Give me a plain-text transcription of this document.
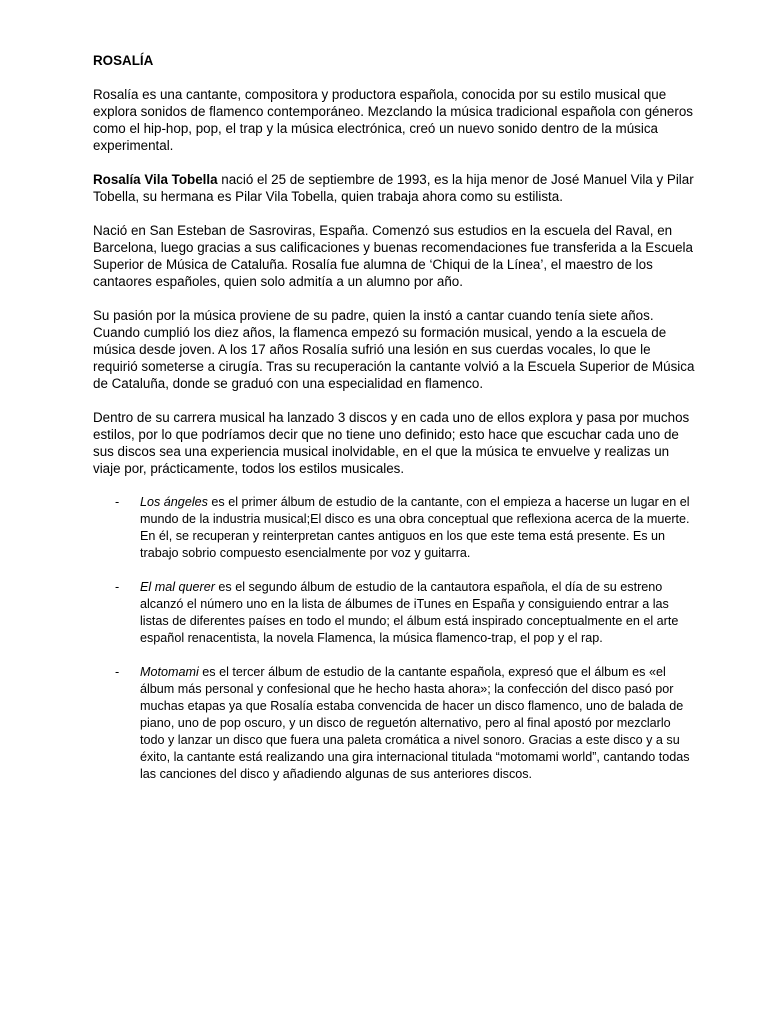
ROSALÍA

Rosalía es una cantante, compositora y productora española, conocida por su estilo musical que explora sonidos de flamenco contemporáneo. Mezclando la música tradicional española con géneros como el hip-hop, pop, el trap y la música electrónica, creó un nuevo sonido dentro de la música experimental.

Rosalía Vila Tobella nació el 25 de septiembre de 1993, es la hija menor de José Manuel Vila y Pilar Tobella, su hermana es Pilar Vila Tobella, quien trabaja ahora como su estilista.

Nació en San Esteban de Sasroviras, España. Comenzó sus estudios en la escuela del Raval, en Barcelona, luego gracias a sus calificaciones y buenas recomendaciones fue transferida a la Escuela Superior de Música de Cataluña. Rosalía fue alumna de ‘Chiqui de la Línea’, el maestro de los cantaores españoles, quien solo admitía a un alumno por año.

Su pasión por la música proviene de su padre, quien la instó a cantar cuando tenía siete años. Cuando cumplió los diez años, la flamenca empezó su formación musical, yendo a la escuela de música desde joven. A los 17 años Rosalía sufrió una lesión en sus cuerdas vocales, lo que le requirió someterse a cirugía. Tras su recuperación la cantante volvió a la Escuela Superior de Música de Cataluña, donde se graduó con una especialidad en flamenco.

Dentro de su carrera musical ha lanzado 3 discos y en cada uno de ellos explora y pasa por muchos estilos, por lo que podríamos decir que no tiene uno definido; esto hace que escuchar cada uno de sus discos sea una experiencia musical inolvidable, en el que la música te envuelve y realizas un viaje por, prácticamente, todos los estilos musicales.

- Los ángeles es el primer álbum de estudio de la cantante, con el empieza a hacerse un lugar en el mundo de la industria musical;El disco es una obra conceptual que reflexiona acerca de la muerte. En él, se recuperan y reinterpretan cantes antiguos en los que este tema está presente. Es un trabajo sobrio compuesto esencialmente por voz y guitarra.
- El mal querer es el segundo álbum de estudio de la cantautora española, el día de su estreno alcanzó el número uno en la lista de álbumes de iTunes en España y consiguiendo entrar a las listas de diferentes países en todo el mundo; el álbum está inspirado conceptualmente en el arte español renacentista, la novela Flamenca, la música flamenco-trap, el pop y el rap.
- Motomami es el tercer álbum de estudio de la cantante española, expresó que el álbum es «el álbum más personal y confesional que he hecho hasta ahora»; la confección del disco pasó por muchas etapas ya que Rosalía estaba convencida de hacer un disco flamenco, uno de balada de piano, uno de pop oscuro, y un disco de reguetón alternativo, pero al final apostó por mezclarlo todo y lanzar un disco que fuera una paleta cromática a nivel sonoro. Gracias a este disco y a su éxito, la cantante está realizando una gira internacional titulada “motomami world”, cantando todas las canciones del disco y añadiendo algunas de sus anteriores discos.
